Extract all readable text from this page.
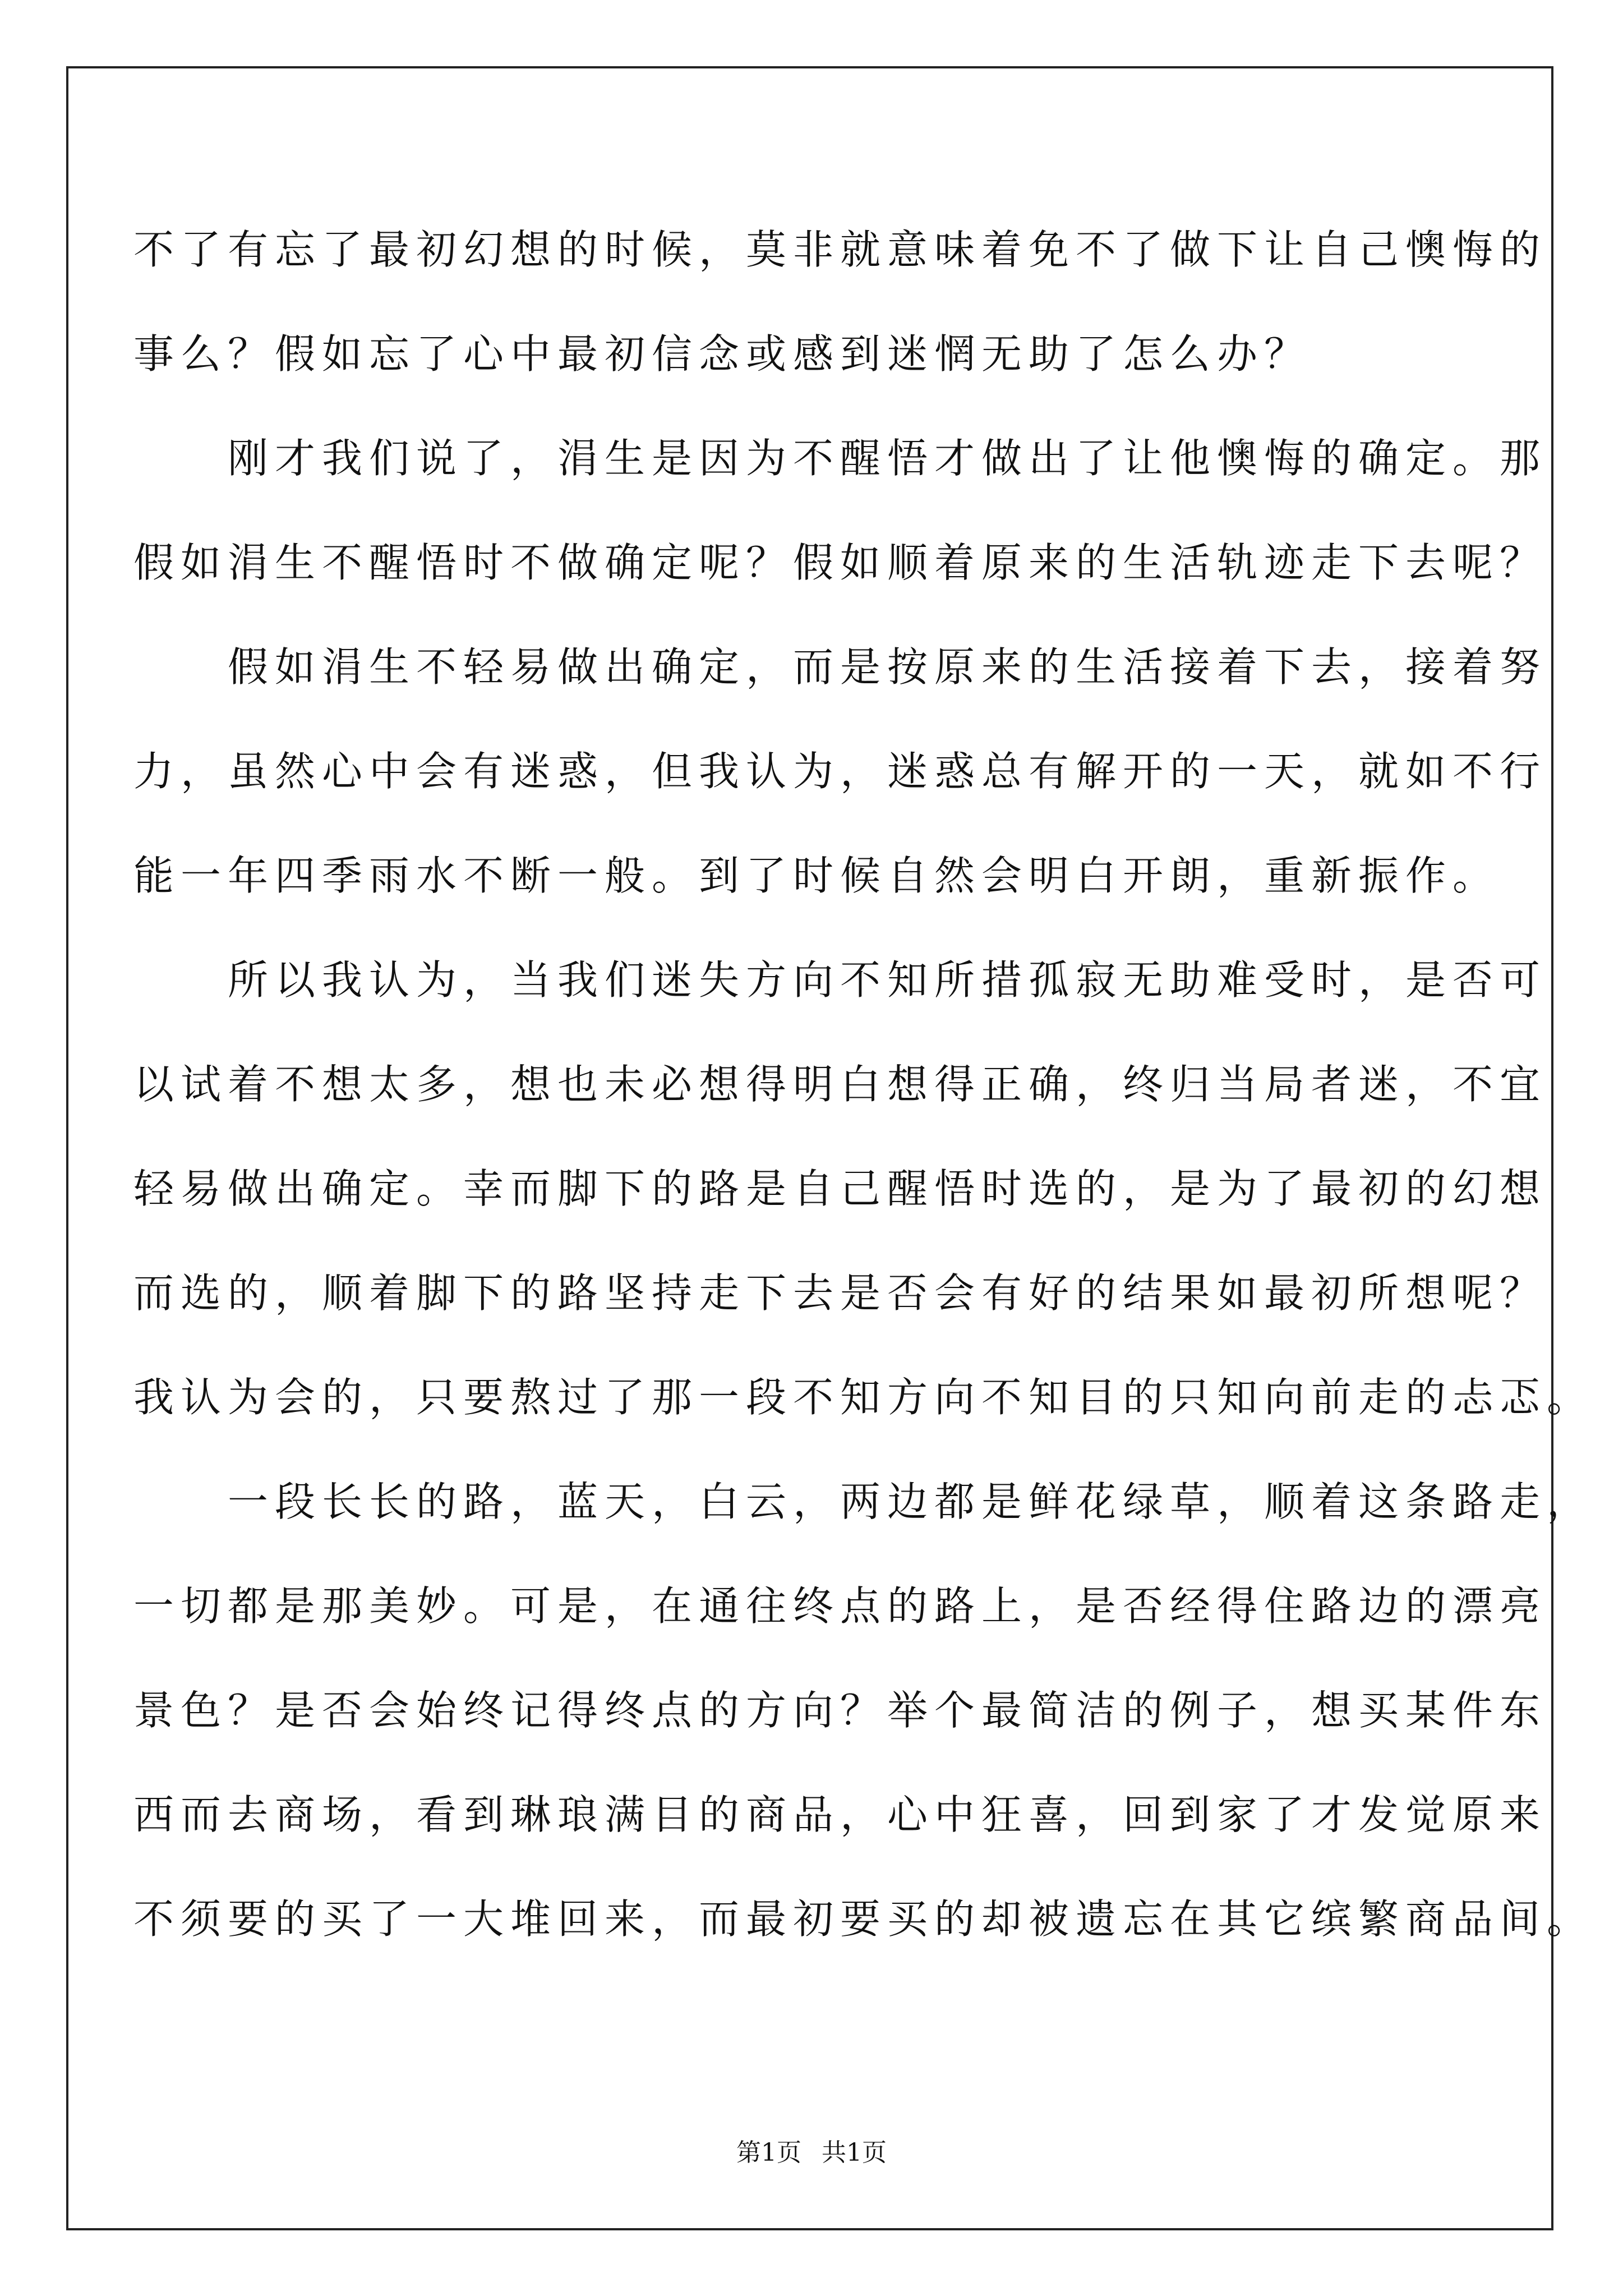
不了有忘了最初幻想的时候，莫非就意味着免不了做下让自己懊悔的
事么？假如忘了心中最初信念或感到迷惘无助了怎么办？
　　刚才我们说了，涓生是因为不醒悟才做出了让他懊悔的确定。那
假如涓生不醒悟时不做确定呢？假如顺着原来的生活轨迹走下去呢？
　　假如涓生不轻易做出确定，而是按原来的生活接着下去，接着努
力，虽然心中会有迷惑，但我认为，迷惑总有解开的一天，就如不行
能一年四季雨水不断一般。到了时候自然会明白开朗，重新振作。
　　所以我认为，当我们迷失方向不知所措孤寂无助难受时，是否可
以试着不想太多，想也未必想得明白想得正确，终归当局者迷，不宜
轻易做出确定。幸而脚下的路是自己醒悟时选的，是为了最初的幻想
而选的，顺着脚下的路坚持走下去是否会有好的结果如最初所想呢？
我认为会的，只要熬过了那一段不知方向不知目的只知向前走的忐忑。
　　一段长长的路，蓝天，白云，两边都是鲜花绿草，顺着这条路走，
一切都是那美妙。可是，在通往终点的路上，是否经得住路边的漂亮
景色？是否会始终记得终点的方向？举个最简洁的例子，想买某件东
西而去商场，看到琳琅满目的商品，心中狂喜，回到家了才发觉原来
不须要的买了一大堆回来，而最初要买的却被遗忘在其它缤繁商品间。
第1页 共1页
